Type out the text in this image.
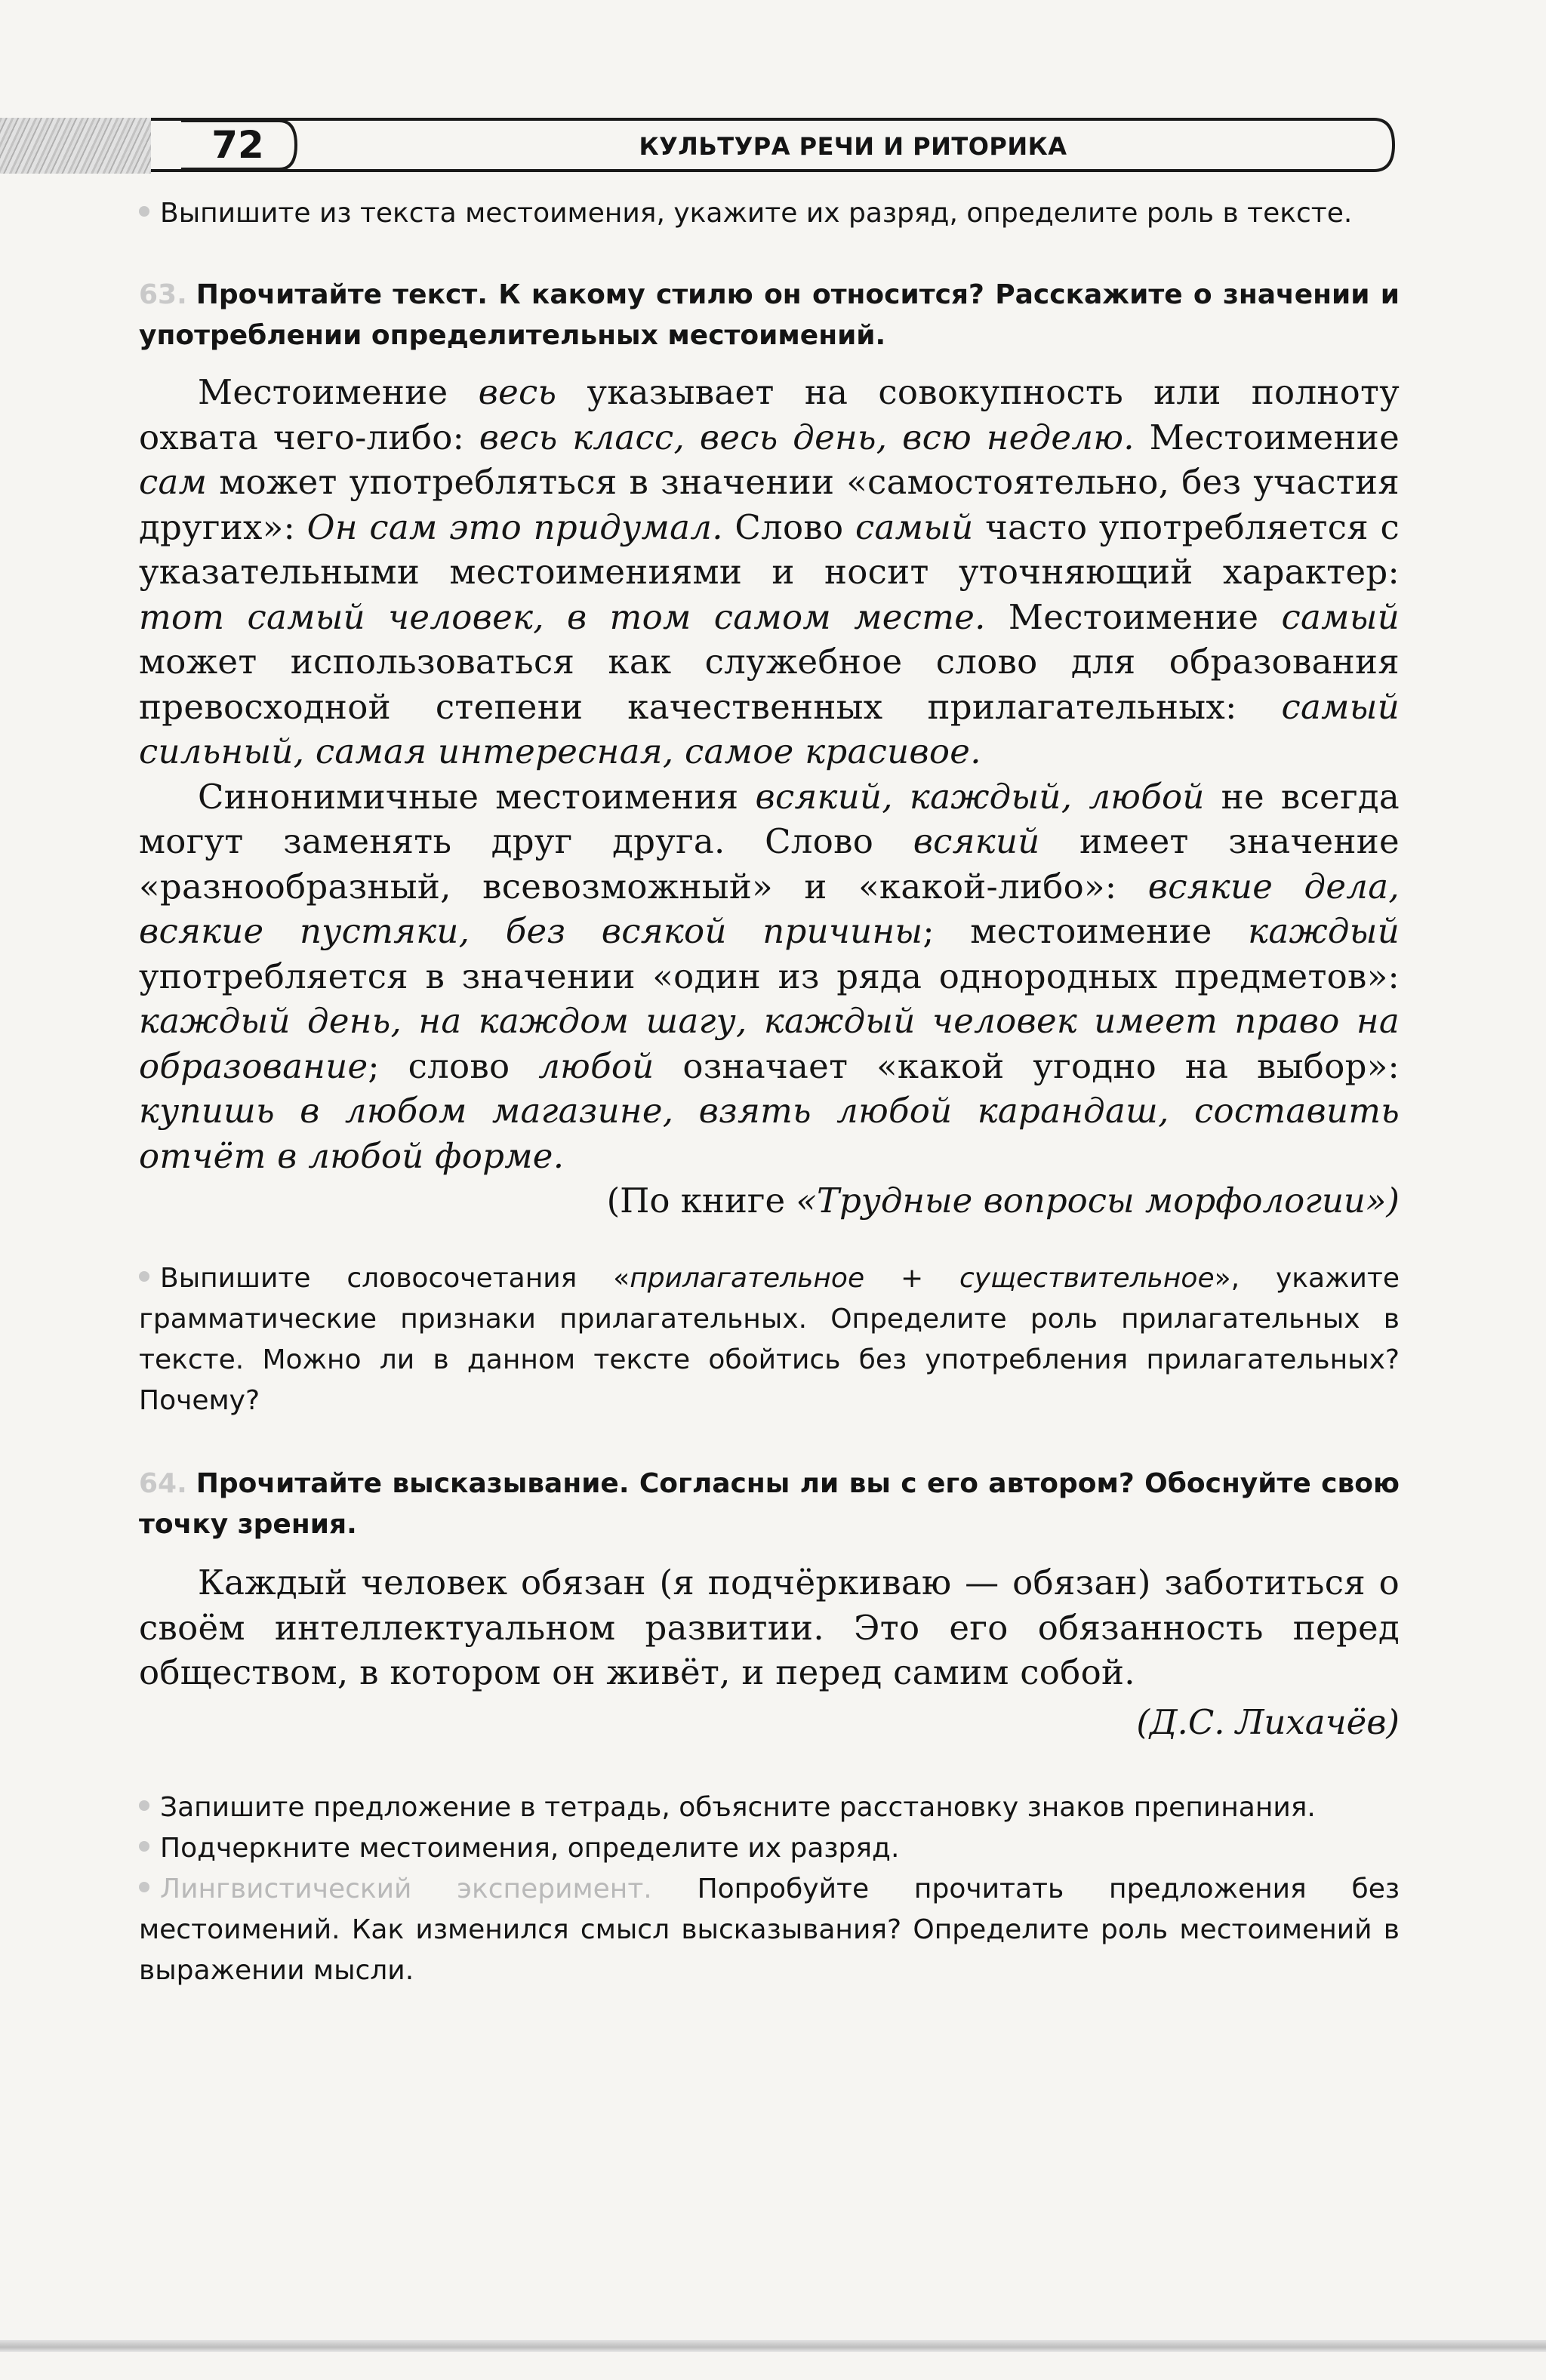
72	КУЛЬТУРА РЕЧИ И РИТОРИКА

Выпишите из текста местоимения, укажите их разряд, определите роль в тексте.

63. Прочитайте текст. К какому стилю он относится? Расскажите о значении и употреблении определительных местоимений.

Местоимение весь указывает на совокупность или полноту охвата чего-либо: весь класс, весь день, всю неделю. Местоимение сам может употребляться в значении «самостоятельно, без участия других»: Он сам это придумал. Слово самый часто употребляется с указательными местоимениями и носит уточняющий характер: тот самый человек, в том самом месте. Местоимение самый может использоваться как служебное слово для образования превосходной степени качественных прилагательных: самый сильный, самая интересная, самое красивое.

Синонимичные местоимения всякий, каждый, любой не всегда могут заменять друг друга. Слово всякий имеет значение «разнообразный, всевозможный» и «какой-либо»: всякие дела, всякие пустяки, без всякой причины; местоимение каждый употребляется в значении «один из ряда однородных предметов»: каждый день, на каждом шагу, каждый человек имеет право на образование; слово любой означает «какой угодно на выбор»: купишь в любом магазине, взять любой карандаш, составить отчёт в любой форме.

(По книге «Трудные вопросы морфологии»)

Выпишите словосочетания «прилагательное + существительное», укажите грамматические признаки прилагательных. Определите роль прилагательных в тексте. Можно ли в данном тексте обойтись без употребления прилагательных? Почему?

64. Прочитайте высказывание. Согласны ли вы с его автором? Обоснуйте свою точку зрения.

Каждый человек обязан (я подчёркиваю — обязан) заботиться о своём интеллектуальном развитии. Это его обязанность перед обществом, в котором он живёт, и перед самим собой.

(Д.С. Лихачёв)

Запишите предложение в тетрадь, объясните расстановку знаков препинания.

Подчеркните местоимения, определите их разряд.

Лингвистический эксперимент. Попробуйте прочитать предложения без местоимений. Как изменился смысл высказывания? Определите роль местоимений в выражении мысли.
